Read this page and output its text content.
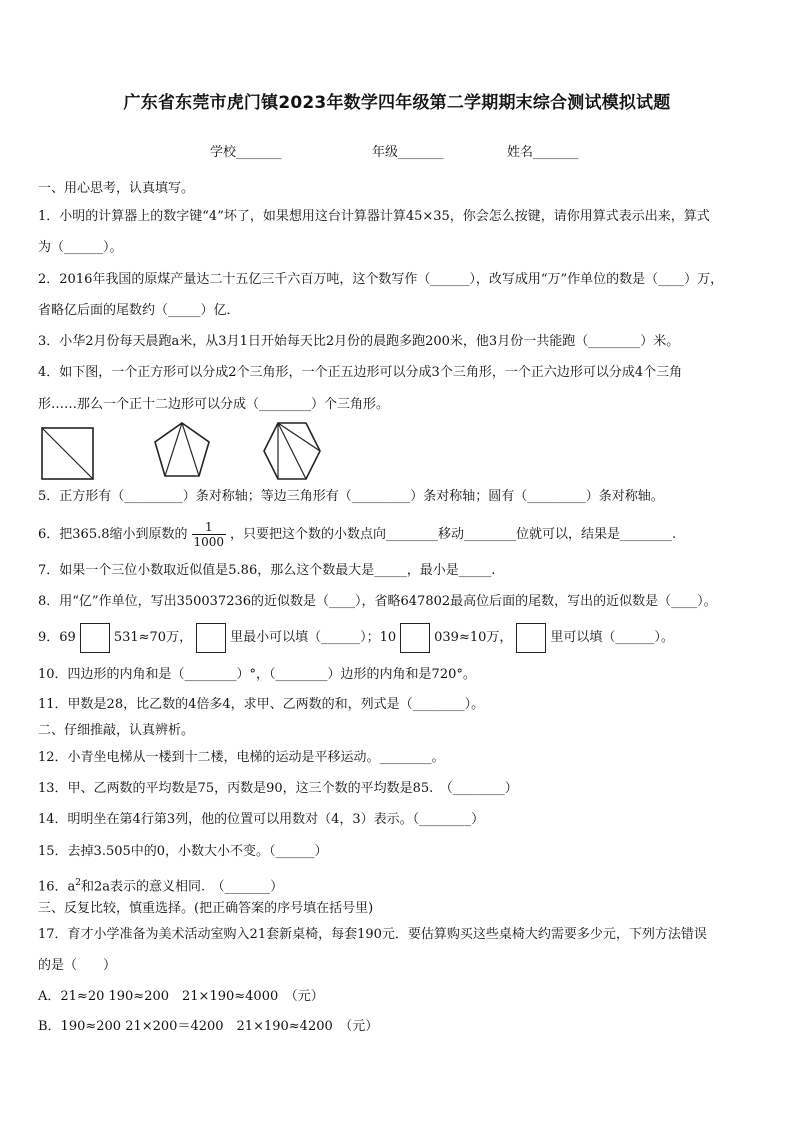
广东省东莞市虎门镇2023年数学四年级第二学期期末综合测试模拟试题
学校_______	年级_______	姓名_______
一、用心思考，认真填写。
1．小明的计算器上的数字键“4”坏了，如果想用这台计算器计算45×35，你会怎么按键，请你用算式表示出来，算式
为（______）。
2．2016年我国的原煤产量达二十五亿三千六百万吨，这个数写作（______），改写成用“万”作单位的数是（____）万，
省略亿后面的尾数约（_____）亿．
3．小华2月份每天晨跑a米，从3月1日开始每天比2月份的晨跑多跑200米，他3月份一共能跑（________）米。
4．如下图，一个正方形可以分成2个三角形，一个正五边形可以分成3个三角形，一个正六边形可以分成4个三角
形……那么一个正十二边形可以分成（________）个三角形。
5．正方形有（_________）条对称轴；等边三角形有（_________）条对称轴；圆有（_________）条对称轴。
6．把365.8缩小到原数的 $\frac{1}{1000}$ ，只要把这个数的小数点向________移动________位就可以，结果是________.
7．如果一个三位小数取近似值是5.86，那么这个数最大是_____，最小是_____.
8．用“亿”作单位，写出350037236的近似数是（____），省略647802最高位后面的尾数，写出的近似数是（____）。
9．69	531≈70万，	里最小可以填（______）；10	039≈10万，	里可以填（______）。
10．四边形的内角和是（________）°，（________）边形的内角和是720°。
11．甲数是28，比乙数的4倍多4，求甲、乙两数的和，列式是（________）。
二、仔细推敲，认真辨析。
12．小青坐电梯从一楼到十二楼，电梯的运动是平移运动。________。
13．甲、乙两数的平均数是75，丙数是90，这三个数的平均数是85.　（________）
14．明明坐在第4行第3列，他的位置可以用数对（4，3）表示。（________）
15．去掉3.505中的0，小数大小不变。（______）
16．$a^2$和2a表示的意义相同.　（_______）
三、反复比较，慎重选择。(把正确答案的序号填在括号里)
17．育才小学准备为美术活动室购入21套新桌椅，每套190元．要估算购买这些桌椅大约需要多少元，下列方法错误
的是（　　）
A．21≈20 190≈200　21×190≈4000　（元）
B．190≈200 21×200＝4200　21×190≈4200　（元）
